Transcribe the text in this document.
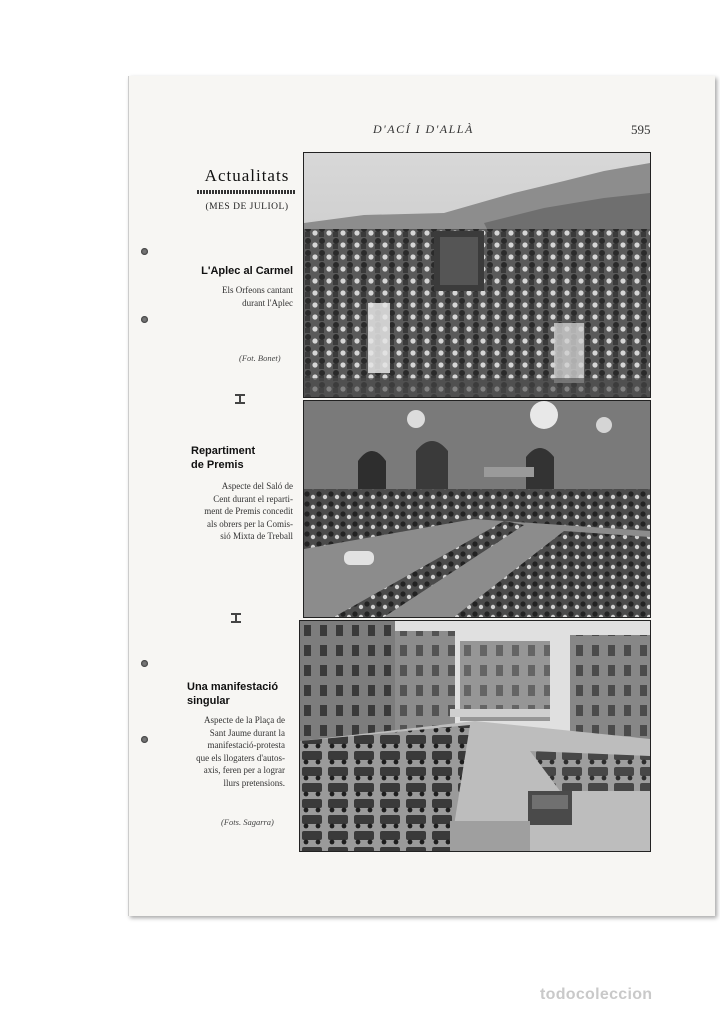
D'ACÍ I D'ALLÀ	595
Actualitats
(MES DE JULIOL)
L'Aplec al Carmel
Els Orfeons cantant
durant l'Aplec
(Fot. Bonet)
Repartiment
de Premis
Aspecte del Saló de
Cent durant el reparti-
ment de Premis concedit
als obrers per la Comis-
sió Mixta de Treball
Una manifestació
singular
Aspecte de la Plaça de
Sant Jaume durant la
manifestació-protesta
que els llogaters d'autos-
axis, feren per a lograr
llurs pretensions.
(Fots. Sagarra)
todocoleccion
